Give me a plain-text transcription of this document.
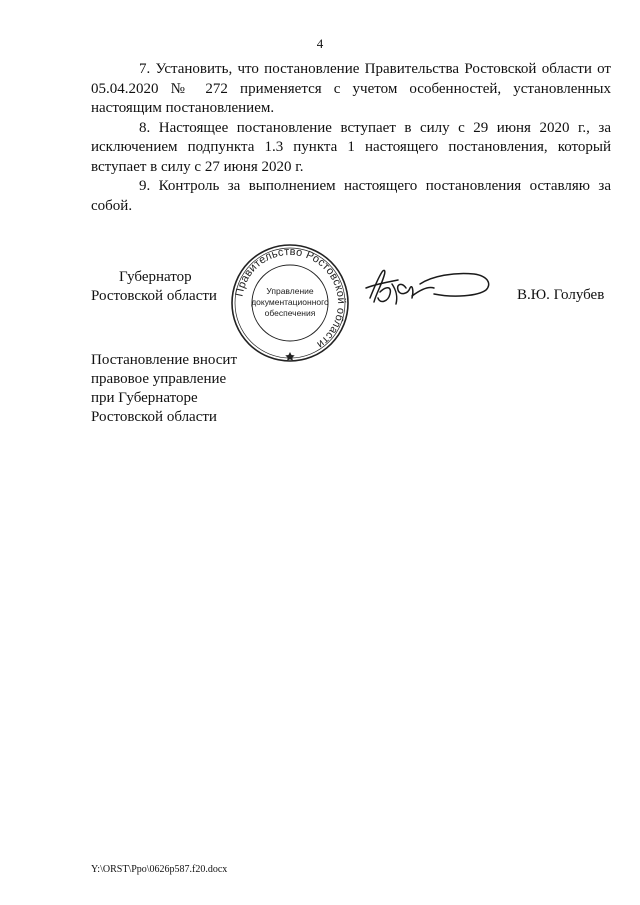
4

7. Установить, что постановление Правительства Ростовской области от 05.04.2020 № 272 применяется с учетом особенностей, установленных настоящим постановлением.

8. Настоящее постановление вступает в силу с 29 июня 2020 г., за исключением подпункта 1.3 пункта 1 настоящего постановления, который вступает в силу с 27 июня 2020 г.

9. Контроль за выполнением настоящего постановления оставляю за собой.

Губернатор
Ростовской области Правительство Ростовской области
Управление
документационного
обеспечения
В.Ю. Голубев
Постановление вносит
правовое управление
при Губернаторе
Ростовской области
Y:\ORST\Ppo\0626p587.f20.docx
